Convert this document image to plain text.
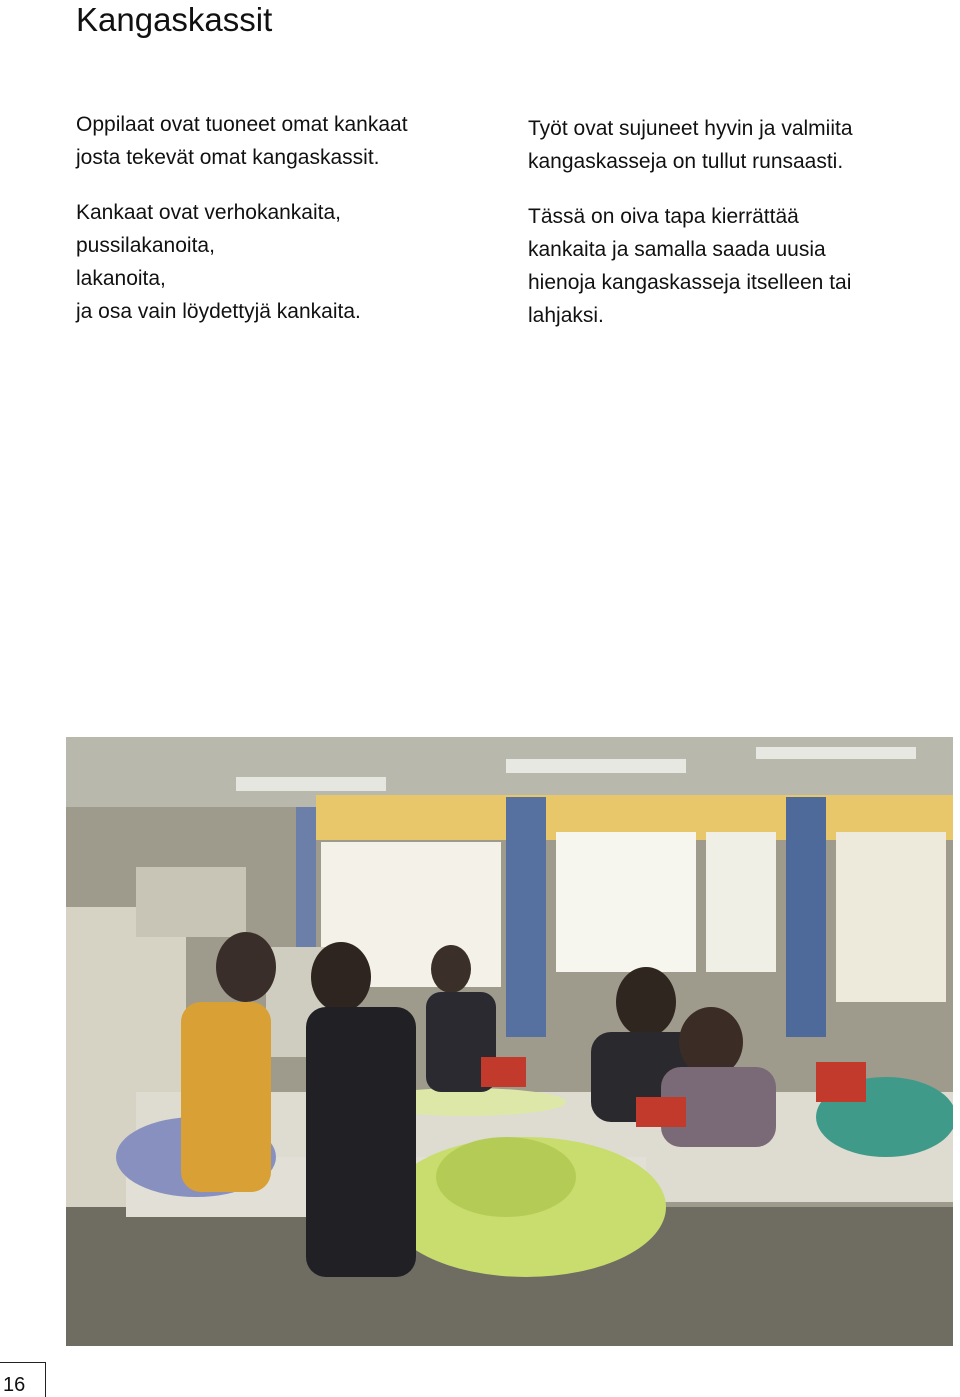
Kangaskassit

Oppilaat ovat tuoneet omat kankaat
josta tekevät omat kangaskassit.

Kankaat ovat verhokankaita,
pussilakanoita,
lakanoita,
ja osa vain löydettyjä kankaita.

Työt ovat sujuneet hyvin ja valmiita
kangaskasseja on tullut runsaasti.

Tässä on oiva tapa kierrättää
kankaita ja samalla saada uusia
hienoja kangaskasseja itselleen tai
lahjaksi.

16
